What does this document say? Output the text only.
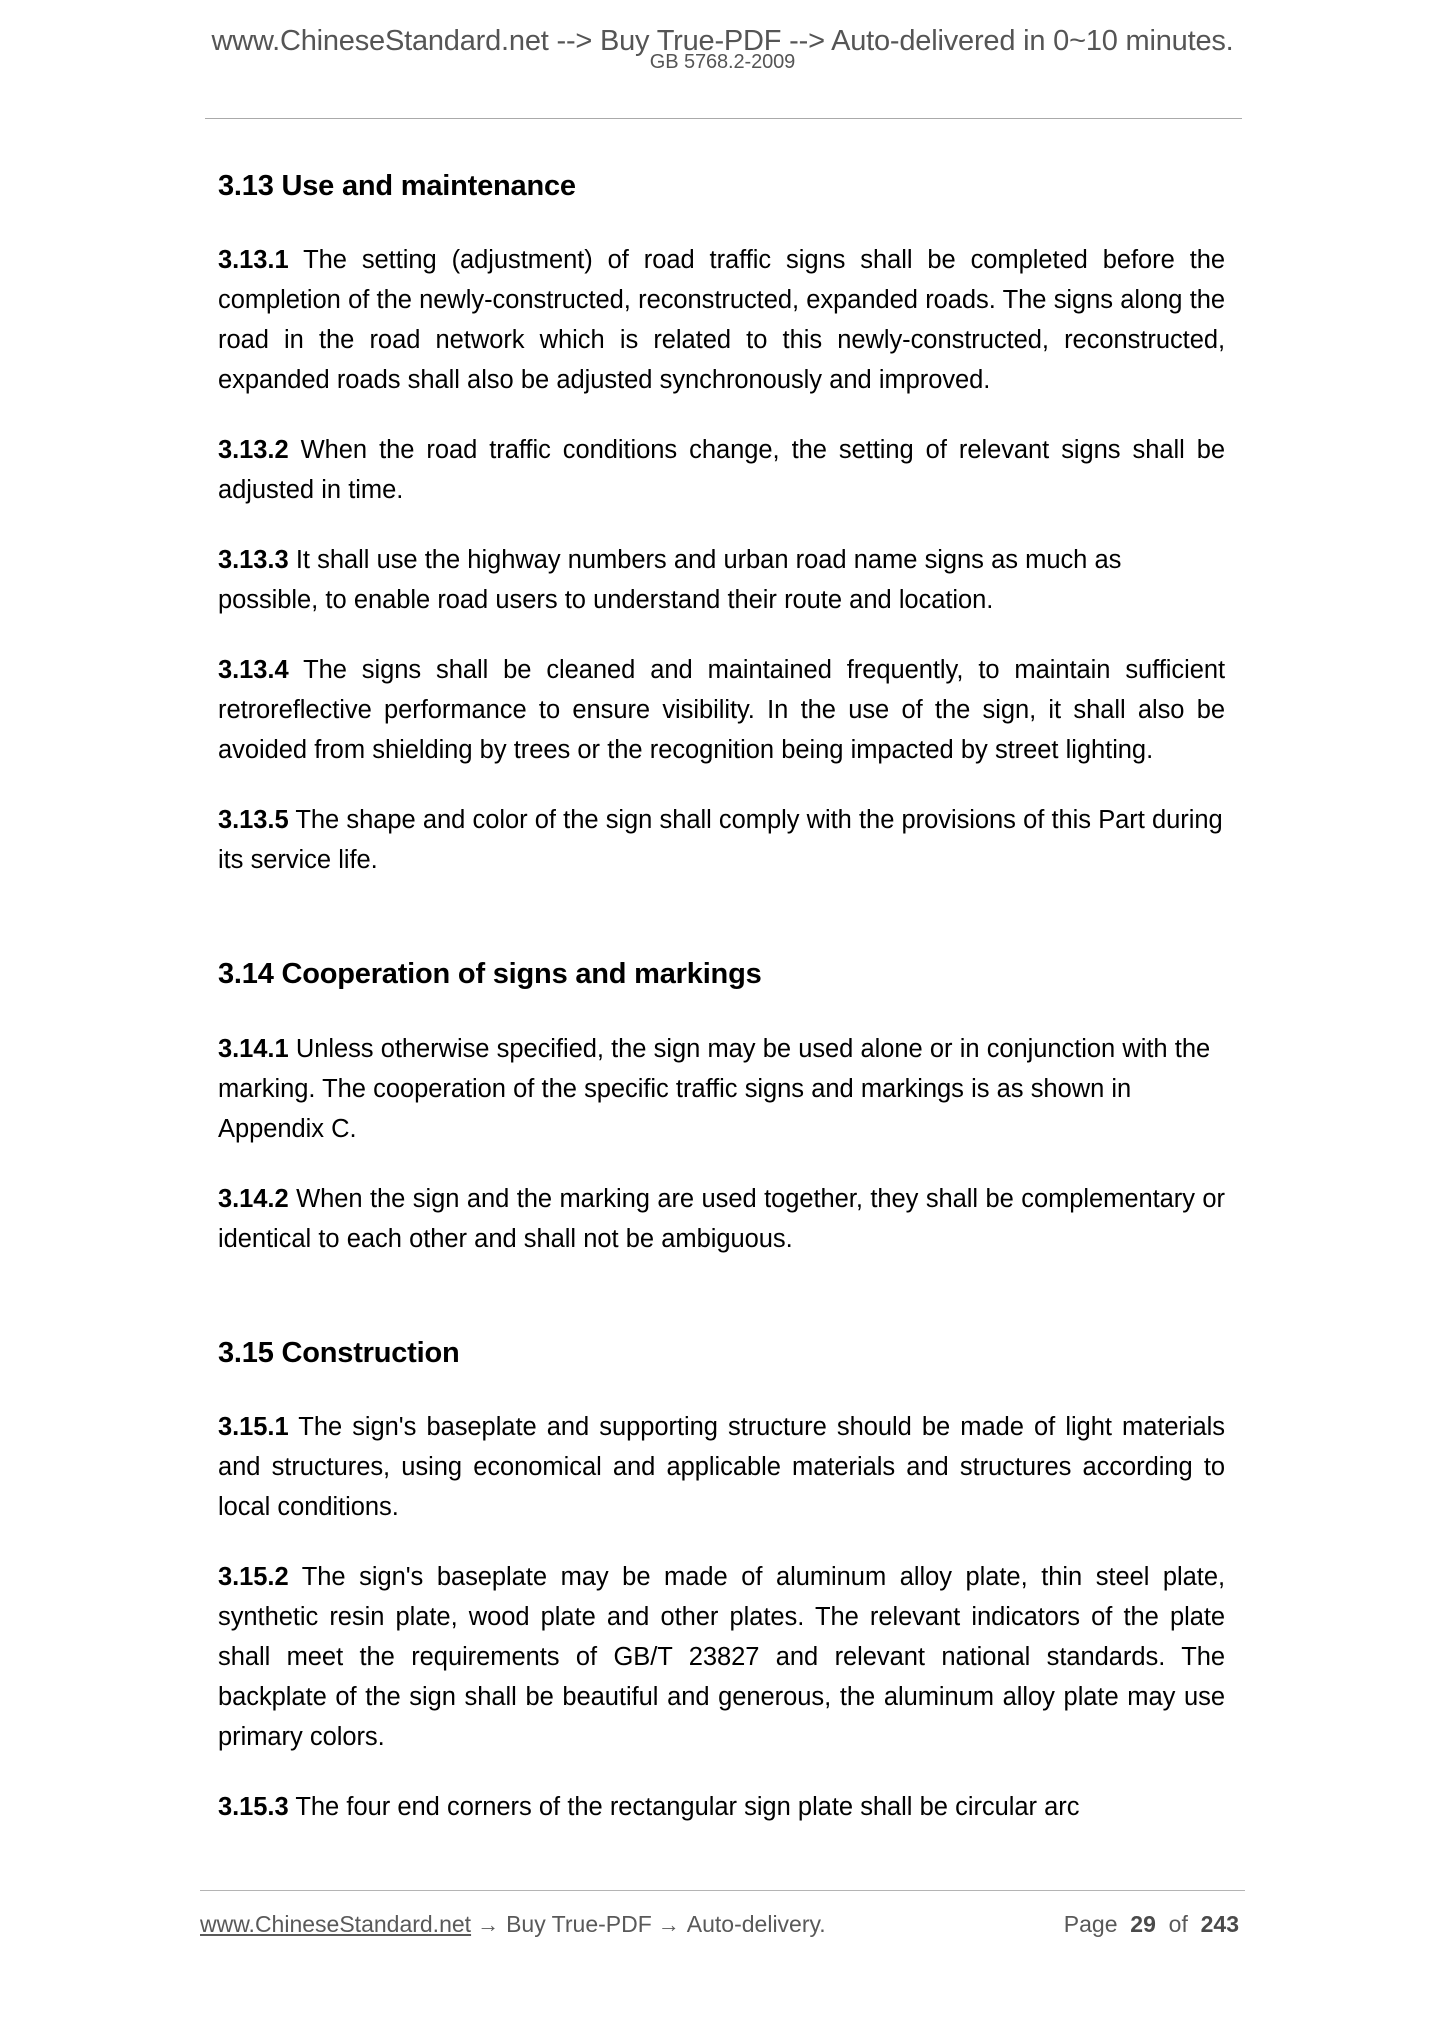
www.ChineseStandard.net --> Buy True-PDF --> Auto-delivered in 0~10 minutes.
GB 5768.2-2009
3.13 Use and maintenance

3.13.1 The setting (adjustment) of road traffic signs shall be completed before the completion of the newly-constructed, reconstructed, expanded roads. The signs along the road in the road network which is related to this newly-constructed, reconstructed, expanded roads shall also be adjusted synchronously and improved.

3.13.2 When the road traffic conditions change, the setting of relevant signs shall be adjusted in time.

3.13.3 It shall use the highway numbers and urban road name signs as much as possible, to enable road users to understand their route and location.

3.13.4 The signs shall be cleaned and maintained frequently, to maintain sufficient retroreflective performance to ensure visibility. In the use of the sign, it shall also be avoided from shielding by trees or the recognition being impacted by street lighting.

3.13.5 The shape and color of the sign shall comply with the provisions of this Part during its service life.

3.14 Cooperation of signs and markings

3.14.1 Unless otherwise specified, the sign may be used alone or in conjunction with the marking. The cooperation of the specific traffic signs and markings is as shown in Appendix C.

3.14.2 When the sign and the marking are used together, they shall be complementary or identical to each other and shall not be ambiguous.

3.15 Construction

3.15.1 The sign's baseplate and supporting structure should be made of light materials and structures, using economical and applicable materials and structures according to local conditions.

3.15.2 The sign's baseplate may be made of aluminum alloy plate, thin steel plate, synthetic resin plate, wood plate and other plates. The relevant indicators of the plate shall meet the requirements of GB/T 23827 and relevant national standards. The backplate of the sign shall be beautiful and generous, the aluminum alloy plate may use primary colors.

3.15.3 The four end corners of the rectangular sign plate shall be circular arc

www.ChineseStandard.net → Buy True-PDF → Auto-delivery.	Page 29 of 243
